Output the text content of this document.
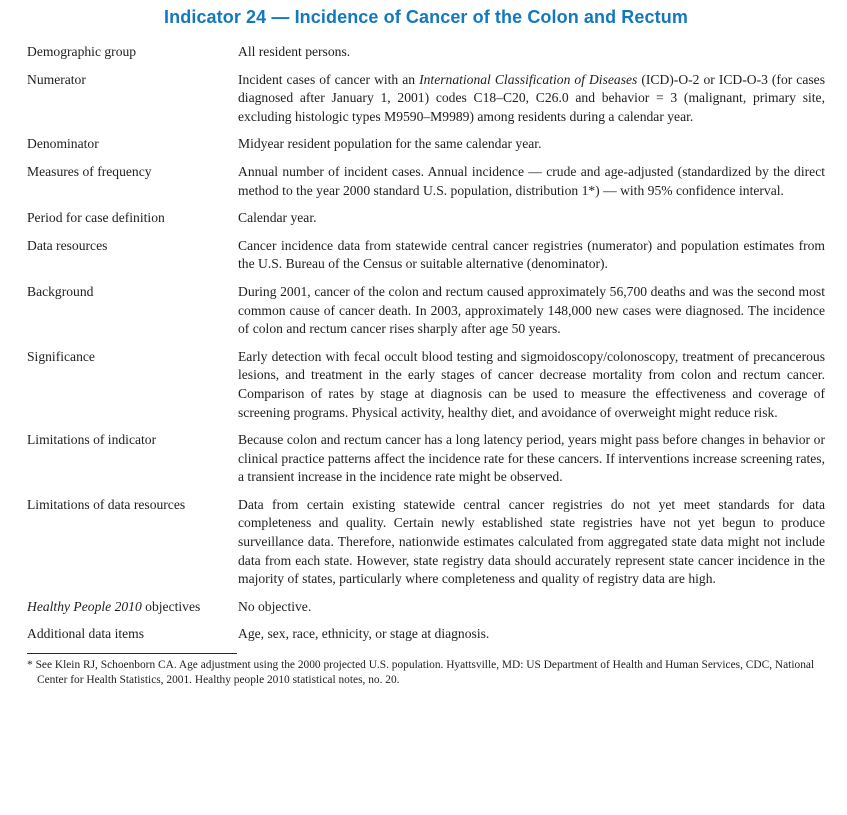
Indicator 24 — Incidence of Cancer of the Colon and Rectum
Demographic group	All resident persons.
Numerator	Incident cases of cancer with an International Classification of Diseases (ICD)-O-2 or ICD-O-3 (for cases diagnosed after January 1, 2001) codes C18–C20, C26.0 and behavior = 3 (malignant, primary site, excluding histologic types M9590–M9989) among residents during a calendar year.
Denominator	Midyear resident population for the same calendar year.
Measures of frequency	Annual number of incident cases. Annual incidence — crude and age-adjusted (standardized by the direct method to the year 2000 standard U.S. population, distribution 1*) — with 95% confidence interval.
Period for case definition	Calendar year.
Data resources	Cancer incidence data from statewide central cancer registries (numerator) and population estimates from the U.S. Bureau of the Census or suitable alternative (denominator).
Background	During 2001, cancer of the colon and rectum caused approximately 56,700 deaths and was the second most common cause of cancer death. In 2003, approximately 148,000 new cases were diagnosed. The incidence of colon and rectum cancer rises sharply after age 50 years.
Significance	Early detection with fecal occult blood testing and sigmoidoscopy/colonoscopy, treatment of precancerous lesions, and treatment in the early stages of cancer decrease mortality from colon and rectum cancer. Comparison of rates by stage at diagnosis can be used to measure the effectiveness and coverage of screening programs. Physical activity, healthy diet, and avoidance of overweight might reduce risk.
Limitations of indicator	Because colon and rectum cancer has a long latency period, years might pass before changes in behavior or clinical practice patterns affect the incidence rate for these cancers. If interventions increase screening rates, a transient increase in the incidence rate might be observed.
Limitations of data resources	Data from certain existing statewide central cancer registries do not yet meet standards for data completeness and quality. Certain newly established state registries have not yet begun to produce surveillance data. Therefore, nationwide estimates calculated from aggregated state data might not include data from each state. However, state registry data should accurately represent state cancer incidence in the majority of states, particularly where completeness and quality of registry data are high.
Healthy People 2010 objectives	No objective.
Additional data items	Age, sex, race, ethnicity, or stage at diagnosis.
* See Klein RJ, Schoenborn CA. Age adjustment using the 2000 projected U.S. population. Hyattsville, MD: US Department of Health and Human Services, CDC, National Center for Health Statistics, 2001. Healthy people 2010 statistical notes, no. 20.
